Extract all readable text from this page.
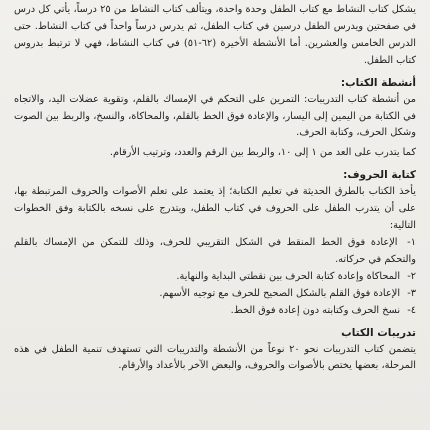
يشكل كتاب النشاط مع كتاب الطفل وحدة واحدة، ويتألف كتاب النشاط من ٢٥ درساً، يأتي كل درس في صفحتين ويدرس الطفل درسين في كتاب الطفل، ثم يدرس درساً واحداً في كتاب النشاط. حتى الدرس الخامس والعشرين. أما الأنشطة الأخيرة (٦٢-٥١) في كتاب النشاط، فهي لا ترتبط بدروس كتاب الطفل.

أنشطة الكتاب:

من أنشطة كتاب التدريبات: التمرين على التحكم في الإمساك بالقلم، وتقوية عضلات اليد، والاتجاه في الكتابة من اليمين إلى اليسار، والإعادة فوق الخط بالقلم، والمحاكاة، والنسخ، والربط بين الصوت وشكل الحرف، وكتابة الحرف.

كما يتدرب على العد من ١ إلى ١٠، والربط بين الرقم والعدد، وترتيب الأرقام.

كتابة الحروف:

يأخذ الكتاب بالطرق الحديثة في تعليم الكتابة؛ إذ يعتمد على تعلم الأصوات والحروف المرتبطة بها، على أن يتدرب الطفل على الحروف في كتاب الطفل، ويتدرج على نسخه بالكتابة وفق الخطوات التالية:

١- الإعادة فوق الخط المنقط في الشكل التقريبي للحرف، وذلك للتمكن من الإمساك بالقلم والتحكم في حركاته.

٢- المحاكاة وإعادة كتابة الحرف بين نقطتي البداية والنهاية.

٣- الإعادة فوق القلم بالشكل الصحيح للحرف مع توجيه الأسهم.

٤- نسخ الحرف وكتابته دون إعادة فوق الخط.

تدريبات الكتاب

يتضمن كتاب التدريبات نحو ٢٠ نوعاً من الأنشطة والتدريبات التي تستهدف تنمية الطفل في هذه المرحلة، بعضها يختص بالأصوات والحروف، والبعض الآخر بالأعداد والأرقام.
